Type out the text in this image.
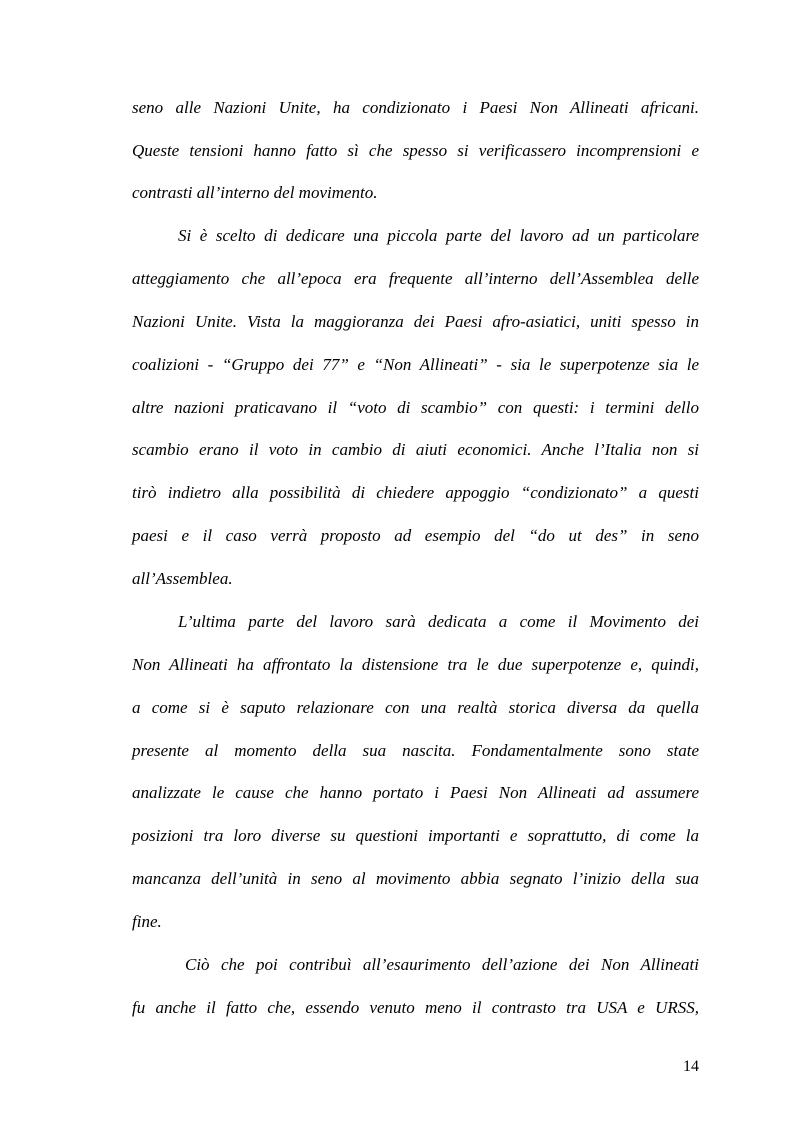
seno alle Nazioni Unite, ha condizionato i Paesi Non Allineati africani.
Queste tensioni hanno fatto sì che spesso si verificassero incomprensioni e
contrasti all’interno del movimento.
Si è scelto di dedicare una piccola parte del lavoro ad un particolare
atteggiamento che all’epoca era frequente all’interno dell’Assemblea delle
Nazioni Unite. Vista la maggioranza dei Paesi afro-asiatici, uniti spesso in
coalizioni - “Gruppo dei 77” e “Non Allineati” - sia le superpotenze sia le
altre nazioni praticavano il “voto di scambio” con questi: i termini dello
scambio erano il voto in cambio di aiuti economici. Anche l’Italia non si
tirò indietro alla possibilità di chiedere appoggio “condizionato” a questi
paesi e il caso verrà proposto ad esempio del “do ut des” in seno
all’Assemblea.
L’ultima parte del lavoro sarà dedicata a come il Movimento dei
Non Allineati ha affrontato la distensione tra le due superpotenze e, quindi,
a come si è saputo relazionare con una realtà storica diversa da quella
presente al momento della sua nascita. Fondamentalmente sono state
analizzate le cause che hanno portato i Paesi Non Allineati ad assumere
posizioni tra loro diverse su questioni importanti e soprattutto, di come la
mancanza dell’unità in seno al movimento abbia segnato l’inizio della sua
fine.
Ciò che poi contribuì all’esaurimento dell’azione dei Non Allineati
fu anche il fatto che, essendo venuto meno il contrasto tra USA e URSS,
14
